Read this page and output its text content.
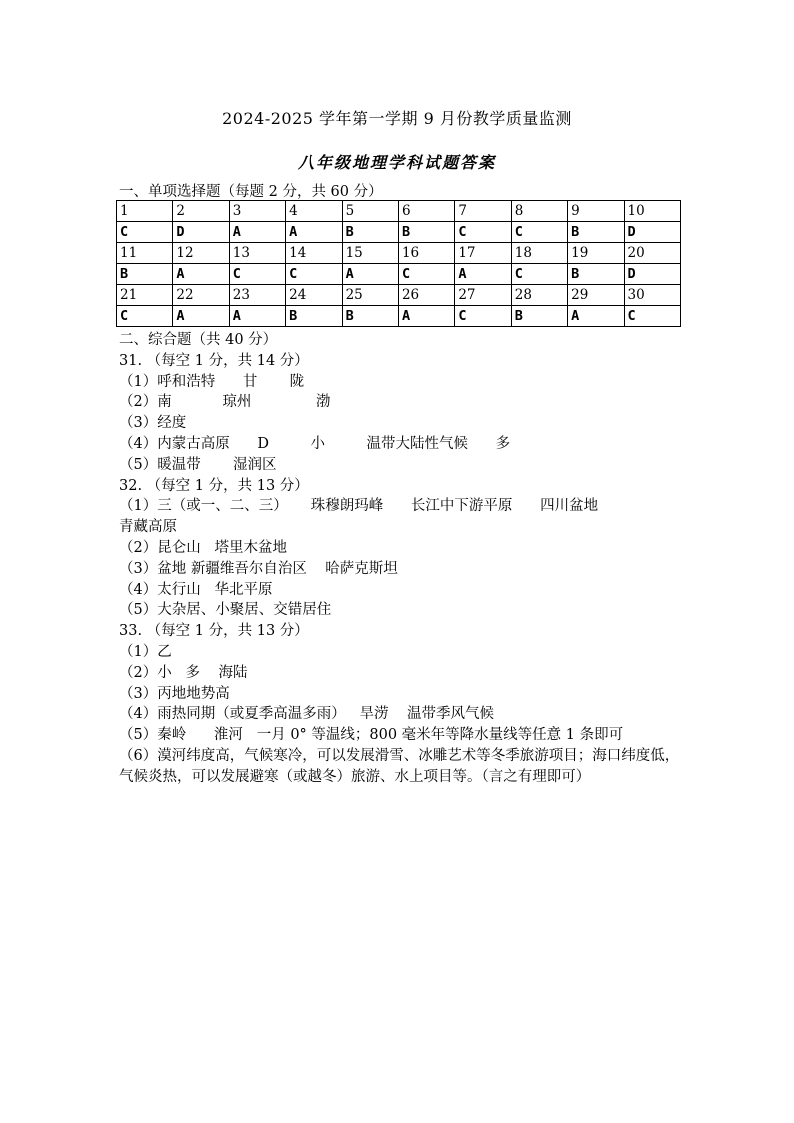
2024-2025 学年第一学期 9 月份教学质量监测
八年级地理学科试题答案
一、单项选择题（每题 2 分，共 60 分）
1	2	3	4	5	6	7	8	9	10
C	D	A	A	B	B	C	C	B	D
11	12	13	14	15	16	17	18	19	20
B	A	C	C	A	C	A	C	B	D
21	22	23	24	25	26	27	28	29	30
C	A	A	B	B	A	C	B	A	C
二、综合题（共 40 分）
31. （每空 1 分，共 14 分）
（1）呼和浩特      甘       陇
（2）南           琼州              渤
（3）经度
（4）内蒙古高原      D         小         温带大陆性气候      多
（5）暖温带       湿润区
32. （每空 1 分，共 13 分）
（1）三（或一、二、三）     珠穆朗玛峰      长江中下游平原      四川盆地
青藏高原
（2）昆仑山   塔里木盆地
（3）盆地 新疆维吾尔自治区    哈萨克斯坦
（4）太行山   华北平原
（5）大杂居、小聚居、交错居住
33. （每空 1 分，共 13 分）
（1）乙
（2）小   多    海陆
（3）丙地地势高
（4）雨热同期（或夏季高温多雨）   旱涝    温带季风气候
（5）秦岭      淮河   一月 0° 等温线；800 毫米年等降水量线等任意 1 条即可
（6）漠河纬度高，气候寒冷，可以发展滑雪、冰雕艺术等冬季旅游项目；海口纬度低，气候炎热，可以发展避寒（或越冬）旅游、水上项目等。（言之有理即可）
